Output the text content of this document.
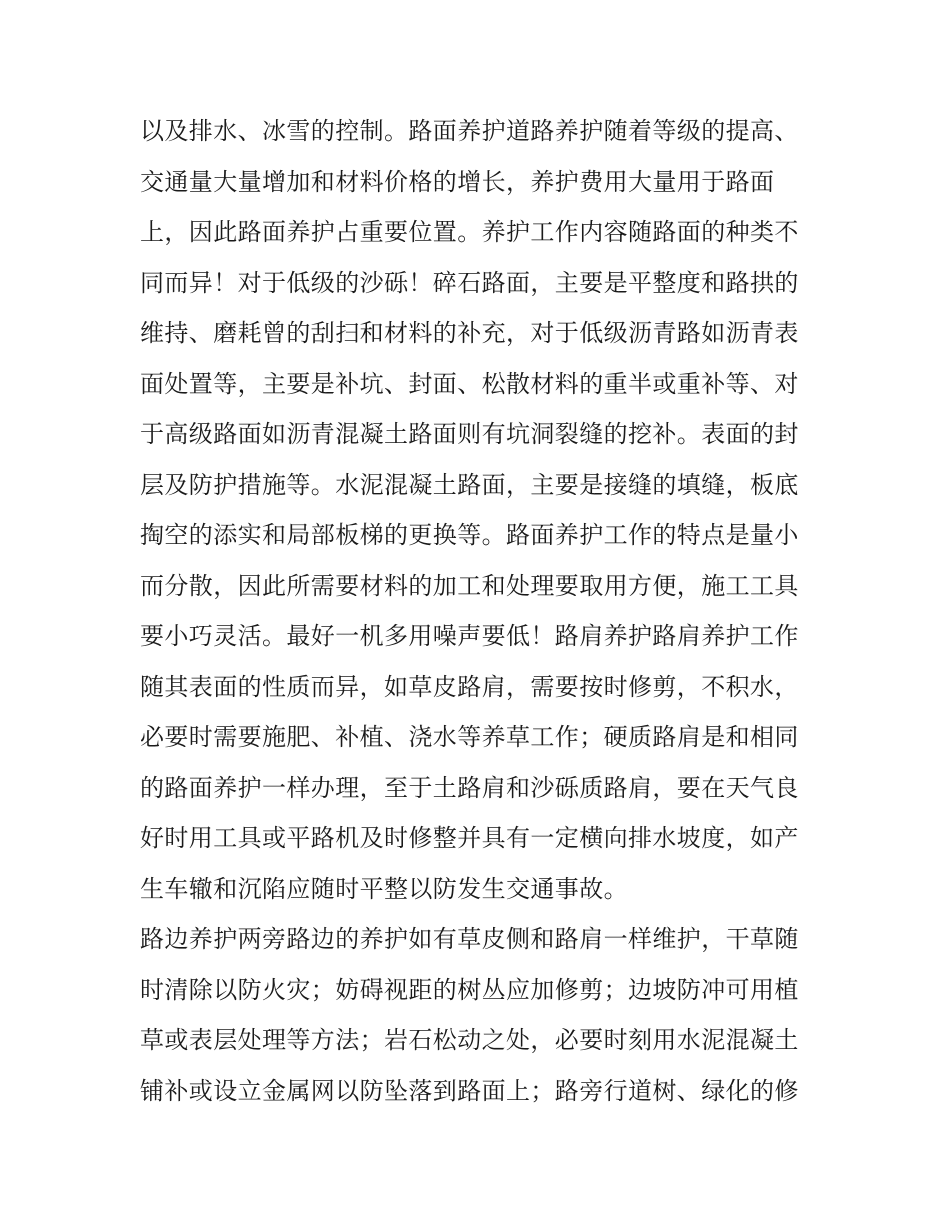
以及排水、冰雪的控制。路面养护道路养护随着等级的提高、
交通量大量增加和材料价格的增长，养护费用大量用于路面
上，因此路面养护占重要位置。养护工作内容随路面的种类不
同而异！对于低级的沙砾！碎石路面，主要是平整度和路拱的
维持、磨耗曾的刮扫和材料的补充，对于低级沥青路如沥青表
面处置等，主要是补坑、封面、松散材料的重半或重补等、对
于高级路面如沥青混凝土路面则有坑洞裂缝的挖补。表面的封
层及防护措施等。水泥混凝土路面，主要是接缝的填缝，板底
掏空的添实和局部板梯的更换等。路面养护工作的特点是量小
而分散，因此所需要材料的加工和处理要取用方便，施工工具
要小巧灵活。最好一机多用噪声要低！路肩养护路肩养护工作
随其表面的性质而异，如草皮路肩，需要按时修剪，不积水，
必要时需要施肥、补植、浇水等养草工作；硬质路肩是和相同
的路面养护一样办理，至于土路肩和沙砾质路肩，要在天气良
好时用工具或平路机及时修整并具有一定横向排水坡度，如产
生车辙和沉陷应随时平整以防发生交通事故。
路边养护两旁路边的养护如有草皮侧和路肩一样维护，干草随
时清除以防火灾；妨碍视距的树丛应加修剪；边坡防冲可用植
草或表层处理等方法；岩石松动之处，必要时刻用水泥混凝土
铺补或设立金属网以防坠落到路面上；路旁行道树、绿化的修
